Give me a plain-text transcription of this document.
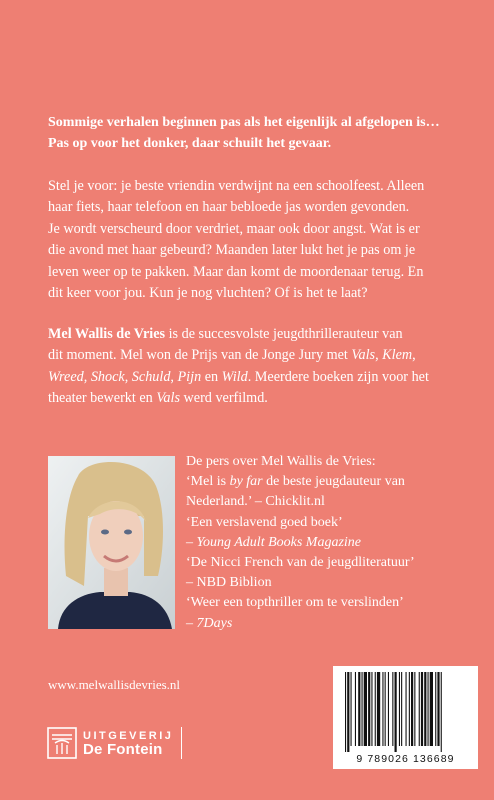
Sommige verhalen beginnen pas als het eigenlijk al afgelopen is…
Pas op voor het donker, daar schuilt het gevaar.
Stel je voor: je beste vriendin verdwijnt na een schoolfeest. Alleen
haar fiets, haar telefoon en haar bebloede jas worden gevonden.
Je wordt verscheurd door verdriet, maar ook door angst. Wat is er
die avond met haar gebeurd? Maanden later lukt het je pas om je
leven weer op te pakken. Maar dan komt de moordenaar terug. En
dit keer voor jou. Kun je nog vluchten? Of is het te laat?
Mel Wallis de Vries is de succesvolste jeugdthrillerauteur van
dit moment. Mel won de Prijs van de Jonge Jury met Vals, Klem,
Wreed, Shock, Schuld, Pijn en Wild. Meerdere boeken zijn voor het
theater bewerkt en Vals werd verfilmd.
De pers over Mel Wallis de Vries:
‘Mel is by far de beste jeugdauteur van
Nederland.’ – Chicklit.nl
‘Een verslavend goed boek’
– Young Adult Books Magazine
‘De Nicci French van de jeugdliteratuur’
– NBD Biblion
‘Weer een topthriller om te verslinden’
– 7Days
www.melwallisdevries.nl
UITGEVERIJ
De Fontein
9 789026 136689
